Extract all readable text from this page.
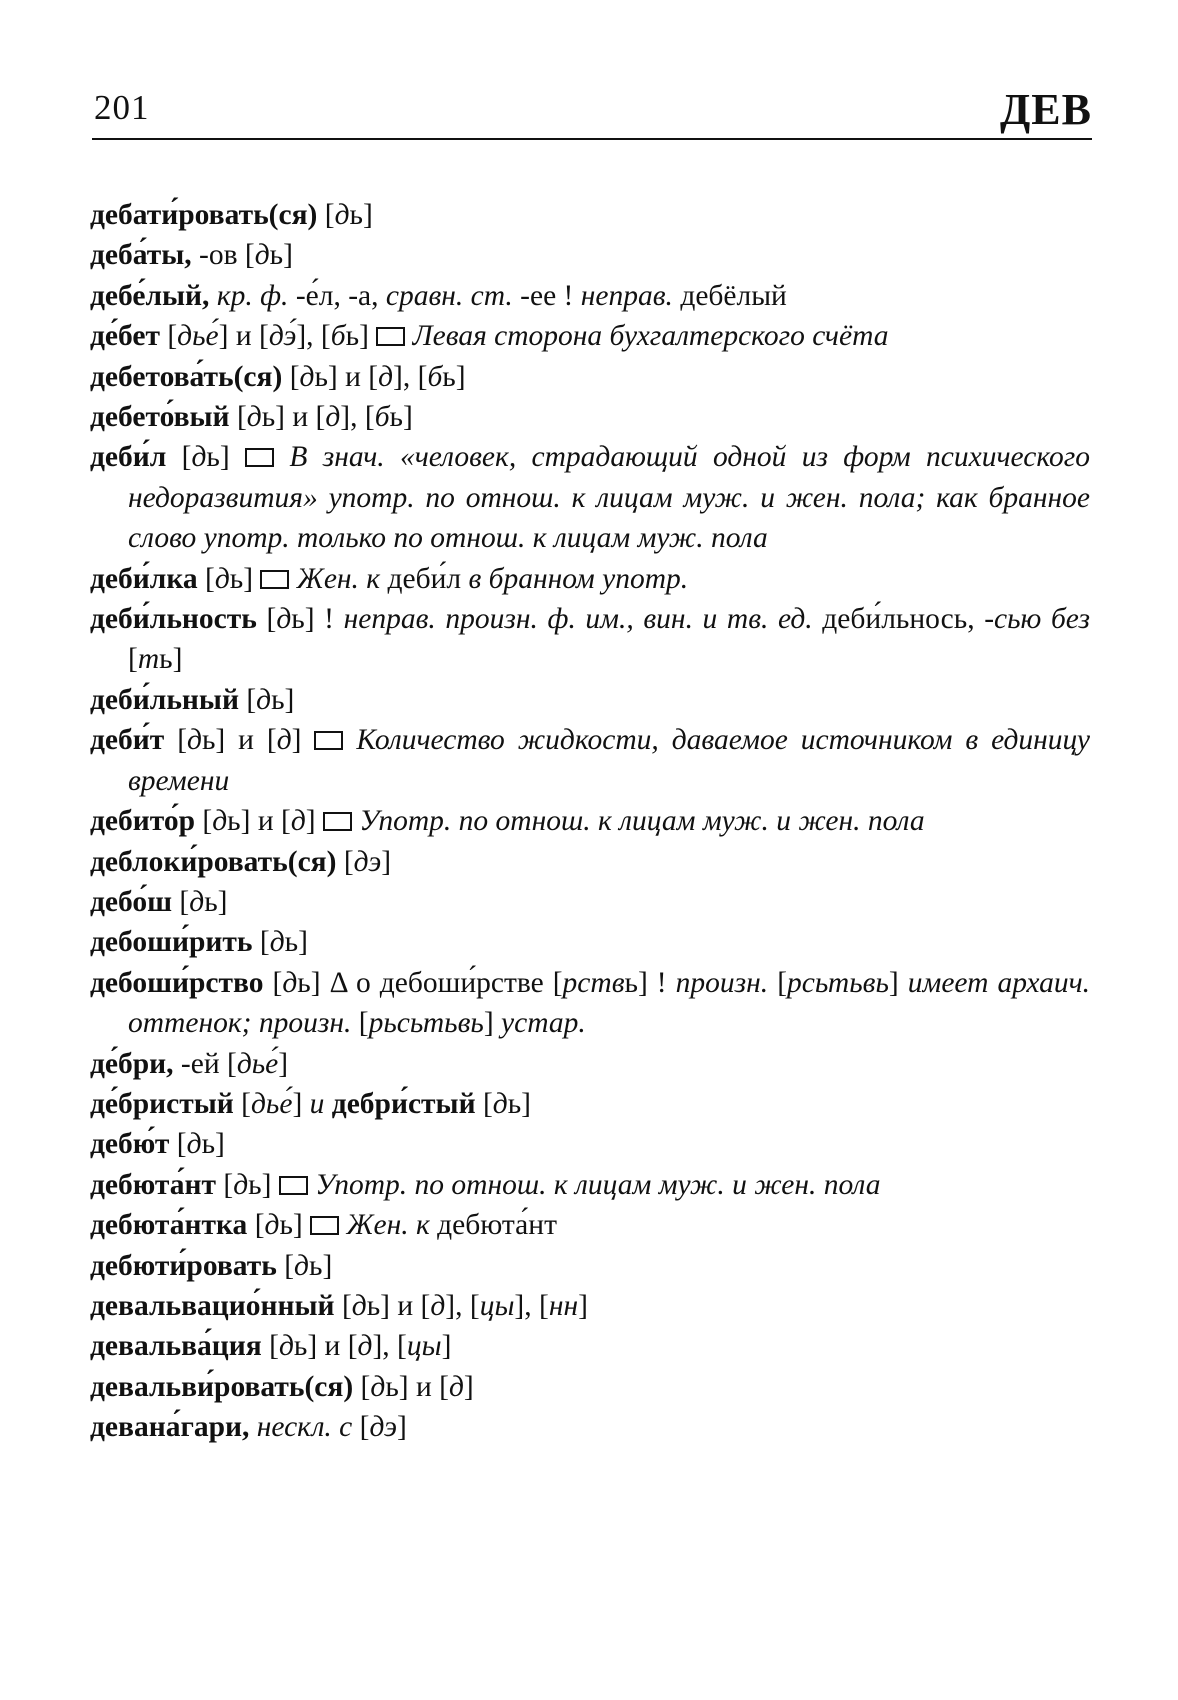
201	ДЕВ
дебати́ровать(ся) [дь]
деба́ты, -ов [дь]
дебе́лый, кр. ф. -е́л, -а, сравн. ст. -ее ! неправ. дебёлый
де́бет [дье́] и [дэ́], [бь]  Левая сторона бухгалтерского счёта
дебетова́ть(ся) [дь] и [д], [бь]
дебето́вый [дь] и [д], [бь]
деби́л [дь]  В знач. «человек, страдающий одной из форм психического недоразвития» употр. по отнош. к лицам муж. и жен. пола; как бранное слово употр. только по отнош. к лицам муж. пола
деби́лка [дь]  Жен. к деби́л в бранном употр.
деби́льность [дь] ! неправ. произн. ф. им., вин. и тв. ед. деби́льнось, -сью без [ть]
деби́льный [дь]
деби́т [дь] и [д]  Количество жидкости, даваемое источником в единицу времени
дебито́р [дь] и [д]  Употр. по отнош. к лицам муж. и жен. пола
деблоки́ровать(ся) [дэ]
дебо́ш [дь]
дебоши́рить [дь]
дебоши́рство [дь] Δ о дебоши́рстве [рствь] ! произн. [рсьтьвь] имеет архаич. оттенок; произн. [рьсьтьвь] устар.
де́бри, -ей [дье́]
де́бристый [дье́] и дебри́стый [дь]
дебю́т [дь]
дебюта́нт [дь]  Употр. по отнош. к лицам муж. и жен. пола
дебюта́нтка [дь]  Жен. к дебюта́нт
дебюти́ровать [дь]
девальвацио́нный [дь] и [д], [цы], [нн]
девальва́ция [дь] и [д], [цы]
девальви́ровать(ся) [дь] и [д]
девана́гари, нескл. с [дэ]
